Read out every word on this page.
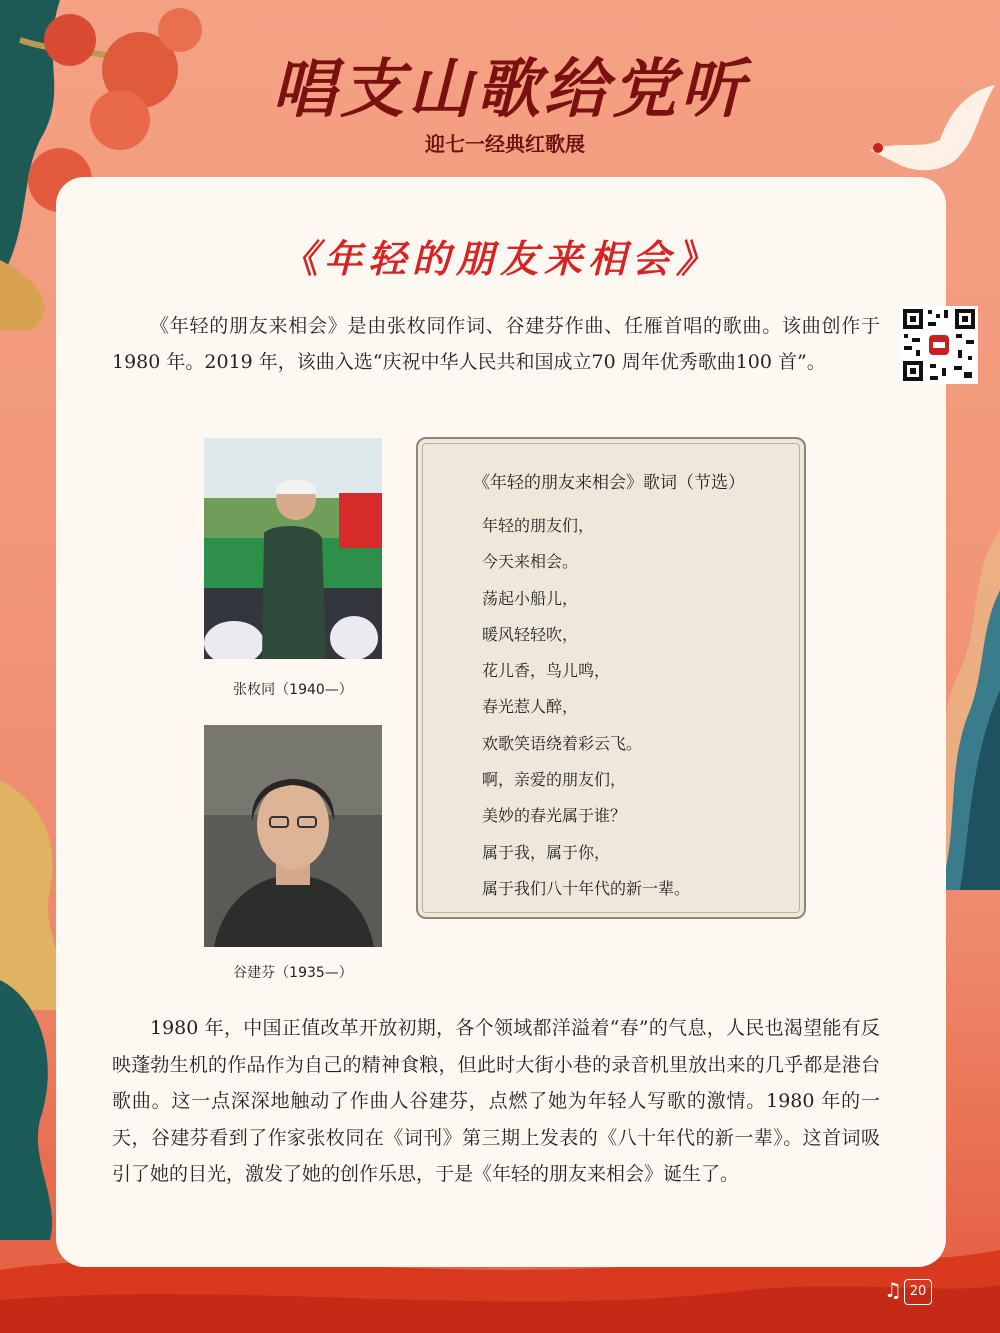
唱支山歌给党听
迎七一经典红歌展
《年轻的朋友来相会》
《年轻的朋友来相会》是由张枚同作词、谷建芬作曲、任雁首唱的歌曲。该曲创作于1980 年。2019 年，该曲入选“庆祝中华人民共和国成立70 周年优秀歌曲100 首”。
张枚同（1940—）
谷建芬（1935—）
《年轻的朋友来相会》歌词（节选）
年轻的朋友们，
今天来相会。
荡起小船儿，
暖风轻轻吹，
花儿香，鸟儿鸣，
春光惹人醉，
欢歌笑语绕着彩云飞。
啊，亲爱的朋友们，
美妙的春光属于谁？
属于我，属于你，
属于我们八十年代的新一辈。
1980 年，中国正值改革开放初期，各个领域都洋溢着“春”的气息，人民也渴望能有反映蓬勃生机的作品作为自己的精神食粮，但此时大街小巷的录音机里放出来的几乎都是港台歌曲。这一点深深地触动了作曲人谷建芬，点燃了她为年轻人写歌的激情。1980 年的一天，谷建芬看到了作家张枚同在《词刊》第三期上发表的《八十年代的新一辈》。这首词吸引了她的目光，激发了她的创作乐思，于是《年轻的朋友来相会》诞生了。
♫ 20
